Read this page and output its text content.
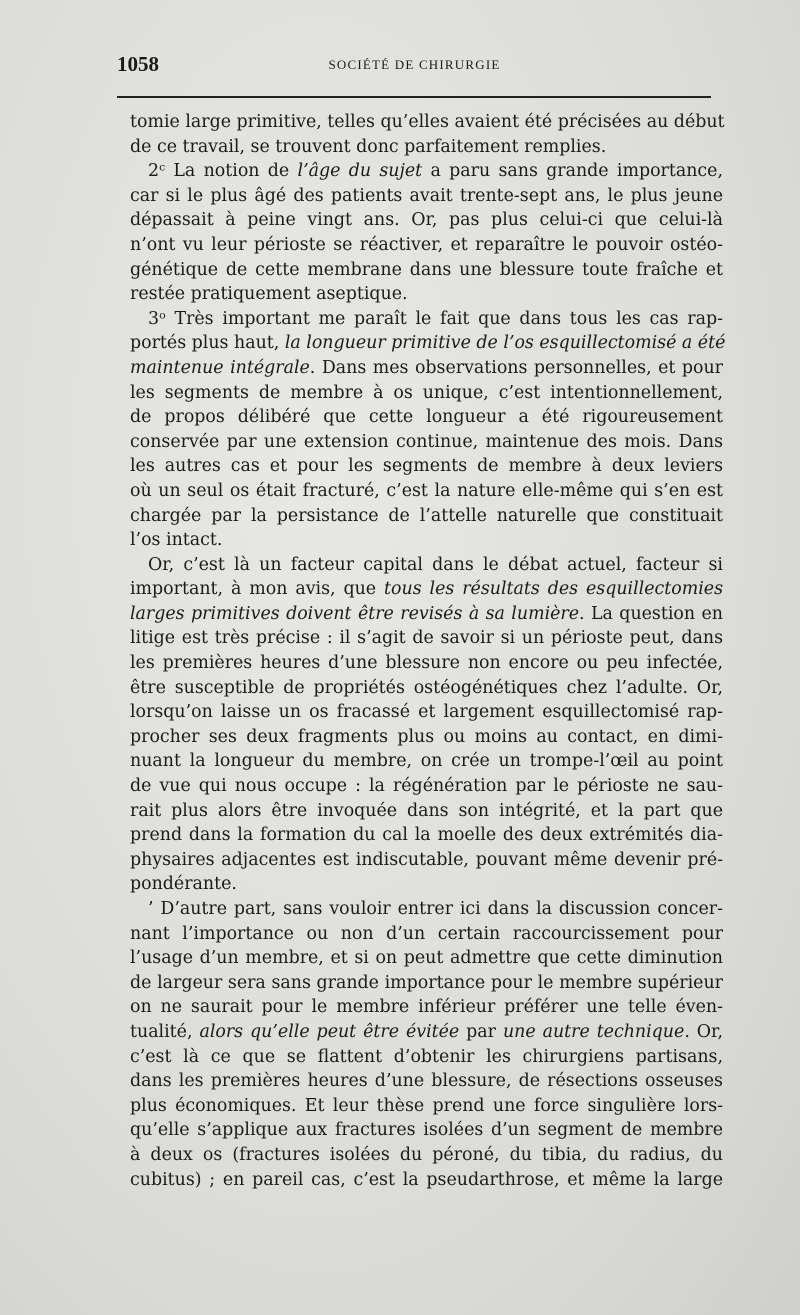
1058	SOCIÉTÉ DE CHIRURGIE
tomie large primitive, telles qu’elles avaient été précisées au début
de ce travail, se trouvent donc parfaitement remplies.
2ᶜ La notion de l’âge du sujet a paru sans grande importance,
car si le plus âgé des patients avait trente-sept ans, le plus jeune
dépassait à peine vingt ans. Or, pas plus celui-ci que celui-là
n’ont vu leur périoste se réactiver, et reparaître le pouvoir ostéo-
génétique de cette membrane dans une blessure toute fraîche et
restée pratiquement aseptique.
3ᵒ Très important me paraît le fait que dans tous les cas rap-
portés plus haut, la longueur primitive de l’os esquillectomisé a été
maintenue intégrale. Dans mes observations personnelles, et pour
les segments de membre à os unique, c’est intentionnellement,
de propos délibéré que cette longueur a été rigoureusement
conservée par une extension continue, maintenue des mois. Dans
les autres cas et pour les segments de membre à deux leviers
où un seul os était fracturé, c’est la nature elle-même qui s’en est
chargée par la persistance de l’attelle naturelle que constituait
l’os intact.
Or, c’est là un facteur capital dans le débat actuel, facteur si
important, à mon avis, que tous les résultats des esquillectomies
larges primitives doivent être revisés à sa lumière. La question en
litige est très précise : il s’agit de savoir si un périoste peut, dans
les premières heures d’une blessure non encore ou peu infectée,
être susceptible de propriétés ostéogénétiques chez l’adulte. Or,
lorsqu’on laisse un os fracassé et largement esquillectomisé rap-
procher ses deux fragments plus ou moins au contact, en dimi-
nuant la longueur du membre, on crée un trompe-l’œil au point
de vue qui nous occupe : la régénération par le périoste ne sau-
rait plus alors être invoquée dans son intégrité, et la part que
prend dans la formation du cal la moelle des deux extrémités dia-
physaires adjacentes est indiscutable, pouvant même devenir pré-
pondérante.
’ D’autre part, sans vouloir entrer ici dans la discussion concer-
nant l’importance ou non d’un certain raccourcissement pour
l’usage d’un membre, et si on peut admettre que cette diminution
de largeur sera sans grande importance pour le membre supérieur
on ne saurait pour le membre inférieur préférer une telle éven-
tualité, alors qu’elle peut être évitée par une autre technique. Or,
c’est là ce que se flattent d’obtenir les chirurgiens partisans,
dans les premières heures d’une blessure, de résections osseuses
plus économiques. Et leur thèse prend une force singulière lors-
qu’elle s’applique aux fractures isolées d’un segment de membre
à deux os (fractures isolées du péroné, du tibia, du radius, du
cubitus) ; en pareil cas, c’est la pseudarthrose, et même la large
